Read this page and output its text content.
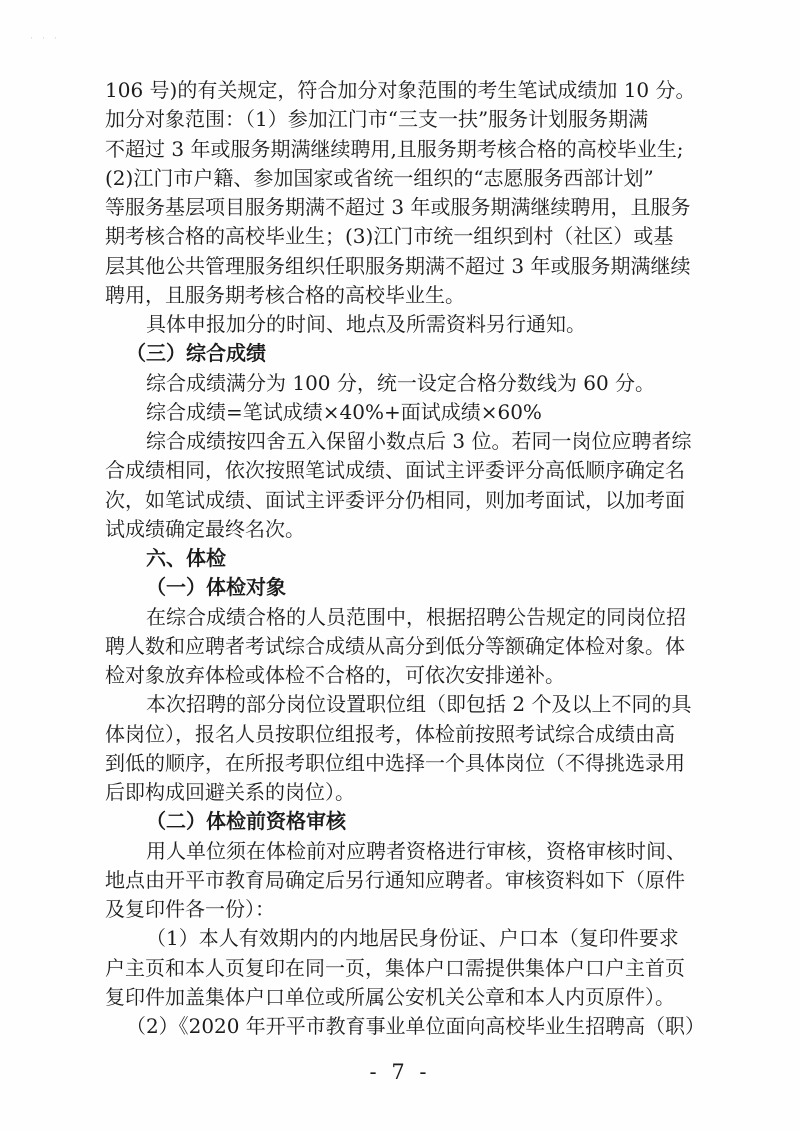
⋅ ⋅ ⋅
106 号)的有关规定，符合加分对象范围的考生笔试成绩加 10 分。
加分对象范围：（1）参加江门市“三支一扶”服务计划服务期满
不超过 3 年或服务期满继续聘用,且服务期考核合格的高校毕业生;
(2)江门市户籍、参加国家或省统一组织的“志愿服务西部计划”
等服务基层项目服务期满不超过 3 年或服务期满继续聘用，且服务
期考核合格的高校毕业生；(3)江门市统一组织到村（社区）或基
层其他公共管理服务组织任职服务期满不超过 3 年或服务期满继续
聘用，且服务期考核合格的高校毕业生。
具体申报加分的时间、地点及所需资料另行通知。
（三）综合成绩
综合成绩满分为 100 分，统一设定合格分数线为 60 分。
综合成绩=笔试成绩×40%+面试成绩×60%
综合成绩按四舍五入保留小数点后 3 位。若同一岗位应聘者综
合成绩相同，依次按照笔试成绩、面试主评委评分高低顺序确定名
次，如笔试成绩、面试主评委评分仍相同，则加考面试，以加考面
试成绩确定最终名次。
六、体检
（一）体检对象
在综合成绩合格的人员范围中，根据招聘公告规定的同岗位招
聘人数和应聘者考试综合成绩从高分到低分等额确定体检对象。体
检对象放弃体检或体检不合格的，可依次安排递补。
本次招聘的部分岗位设置职位组（即包括 2 个及以上不同的具
体岗位），报名人员按职位组报考，体检前按照考试综合成绩由高
到低的顺序，在所报考职位组中选择一个具体岗位（不得挑选录用
后即构成回避关系的岗位）。
（二）体检前资格审核
用人单位须在体检前对应聘者资格进行审核，资格审核时间、
地点由开平市教育局确定后另行通知应聘者。审核资料如下（原件
及复印件各一份）：
（1）本人有效期内的内地居民身份证、户口本（复印件要求
户主页和本人页复印在同一页，集体户口需提供集体户口户主首页
复印件加盖集体户口单位或所属公安机关公章和本人内页原件）。
（2）《2020 年开平市教育事业单位面向高校毕业生招聘高（职）
- 7 -
